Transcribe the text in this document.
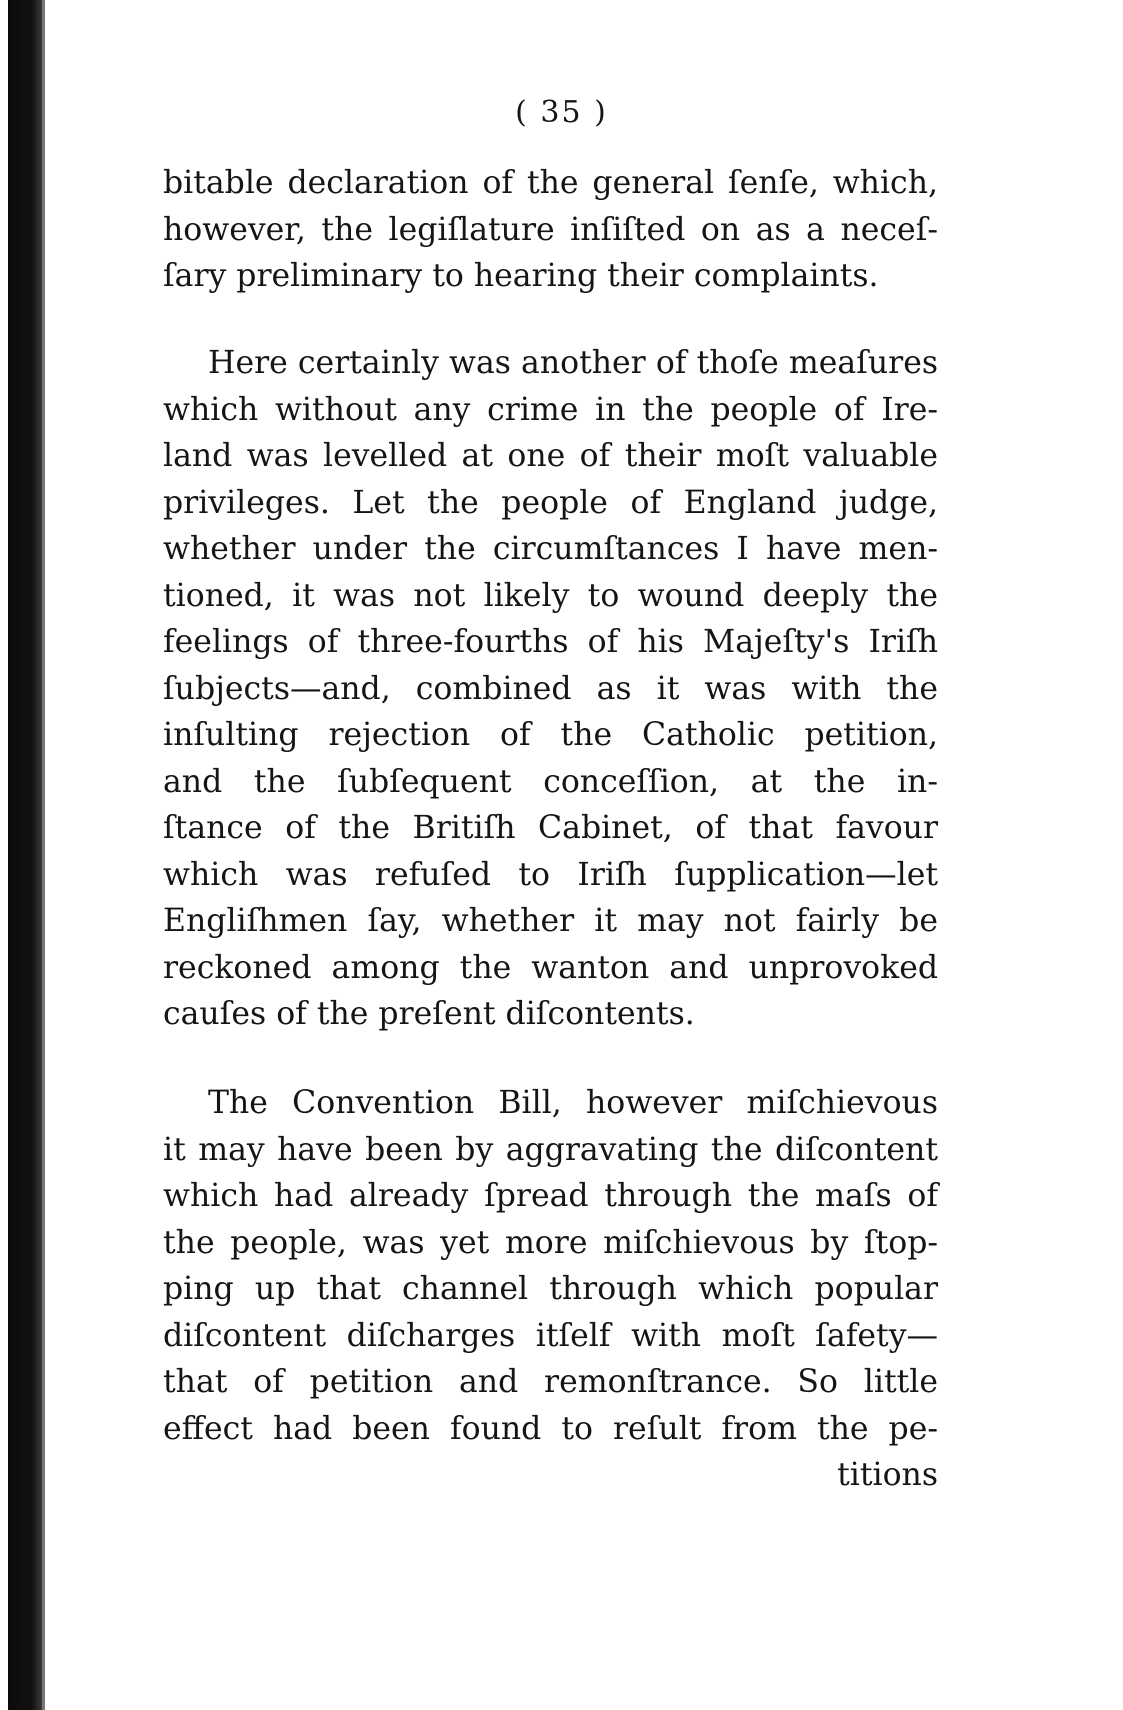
( 35 )
bitable declaration of the general ſenſe, which,
however, the legiſlature inſiſted on as a neceſ-
ſary preliminary to hearing their complaints.
Here certainly was another of thoſe meaſures
which without any crime in the people of Ire-
land was levelled at one of their moſt valuable
privileges. Let the people of England judge,
whether under the circumſtances I have men-
tioned, it was not likely to wound deeply the
feelings of three-fourths of his Majeſty's Iriſh
ſubjects—and, combined as it was with the
inſulting rejection of the Catholic petition,
and the ſubſequent conceſſion, at the in-
ſtance of the Britiſh Cabinet, of that favour
which was refuſed to Iriſh ſupplication—let
Engliſhmen ſay, whether it may not fairly be
reckoned among the wanton and unprovoked
cauſes of the preſent diſcontents.
The Convention Bill, however miſchievous
it may have been by aggravating the diſcontent
which had already ſpread through the maſs of
the people, was yet more miſchievous by ſtop-
ping up that channel through which popular
diſcontent diſcharges itſelf with moſt ſafety—
that of petition and remonſtrance. So little
effect had been found to reſult from the pe-
titions
